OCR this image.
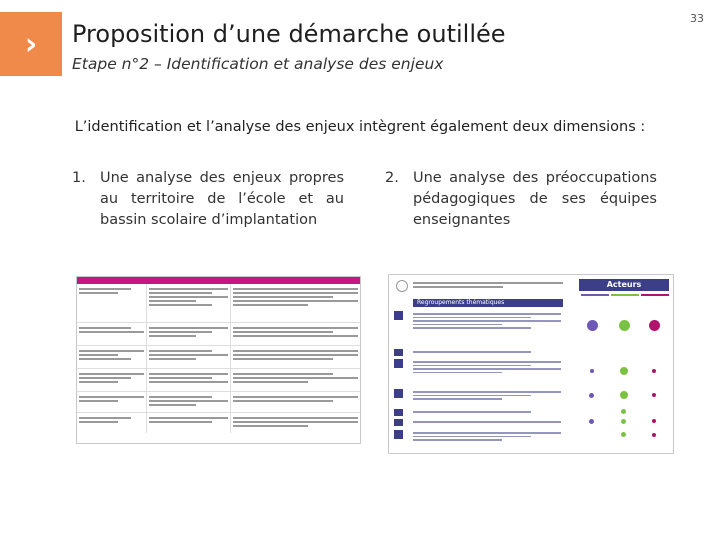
› Proposition d’une démarche outillée
Etape n°2 – Identification et analyse des enjeux
33
L’identification et l’analyse des enjeux intègrent également deux dimensions :
1. Une analyse des enjeux propres au territoire de l’école et au bassin scolaire d’implantation
2. Une analyse des préoccupations pédagogiques de ses équipes enseignantes
Acteurs
Regroupements thématiques
